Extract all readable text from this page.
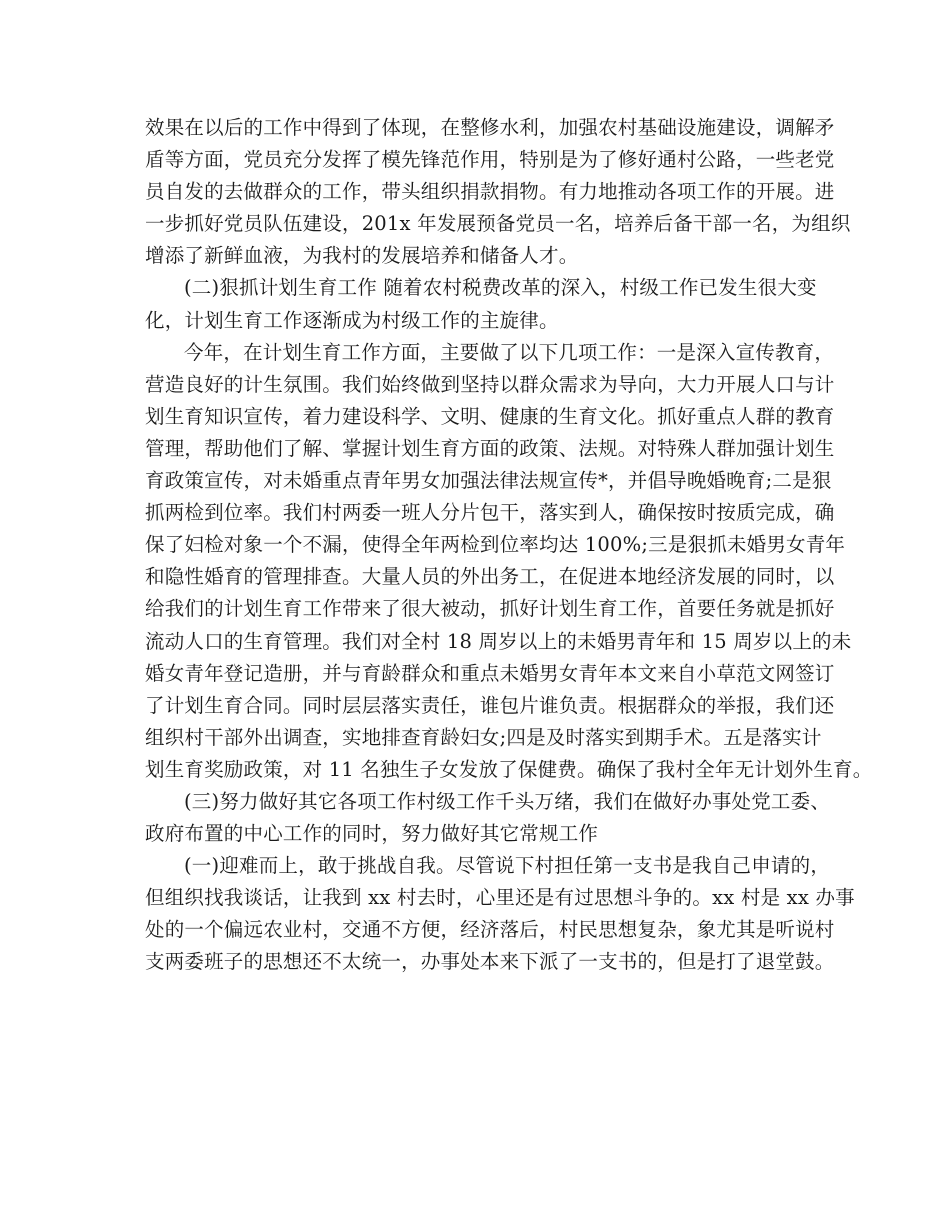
效果在以后的工作中得到了体现，在整修水利，加强农村基础设施建设，调解矛
盾等方面，党员充分发挥了模先锋范作用，特别是为了修好通村公路，一些老党
员自发的去做群众的工作，带头组织捐款捐物。有力地推动各项工作的开展。进
一步抓好党员队伍建设，201x 年发展预备党员一名，培养后备干部一名，为组织
增添了新鲜血液，为我村的发展培养和储备人才。
(二)狠抓计划生育工作 随着农村税费改革的深入，村级工作已发生很大变
化，计划生育工作逐渐成为村级工作的主旋律。
今年，在计划生育工作方面，主要做了以下几项工作：一是深入宣传教育，
营造良好的计生氛围。我们始终做到坚持以群众需求为导向，大力开展人口与计
划生育知识宣传，着力建设科学、文明、健康的生育文化。抓好重点人群的教育
管理，帮助他们了解、掌握计划生育方面的政策、法规。对特殊人群加强计划生
育政策宣传，对未婚重点青年男女加强法律法规宣传*，并倡导晚婚晚育;二是狠
抓两检到位率。我们村两委一班人分片包干，落实到人，确保按时按质完成，确
保了妇检对象一个不漏，使得全年两检到位率均达 100%;三是狠抓未婚男女青年
和隐性婚育的管理排查。大量人员的外出务工，在促进本地经济发展的同时，以
给我们的计划生育工作带来了很大被动，抓好计划生育工作，首要任务就是抓好
流动人口的生育管理。我们对全村 18 周岁以上的未婚男青年和 15 周岁以上的未
婚女青年登记造册，并与育龄群众和重点未婚男女青年本文来自小草范文网签订
了计划生育合同。同时层层落实责任，谁包片谁负责。根据群众的举报，我们还
组织村干部外出调查，实地排查育龄妇女;四是及时落实到期手术。五是落实计
划生育奖励政策，对 11 名独生子女发放了保健费。确保了我村全年无计划外生育。
(三)努力做好其它各项工作村级工作千头万绪，我们在做好办事处党工委、
政府布置的中心工作的同时，努力做好其它常规工作
(一)迎难而上，敢于挑战自我。尽管说下村担任第一支书是我自己申请的，
但组织找我谈话，让我到 xx 村去时，心里还是有过思想斗争的。xx 村是 xx 办事
处的一个偏远农业村，交通不方便，经济落后，村民思想复杂，象尤其是听说村
支两委班子的思想还不太统一，办事处本来下派了一支书的，但是打了退堂鼓。
